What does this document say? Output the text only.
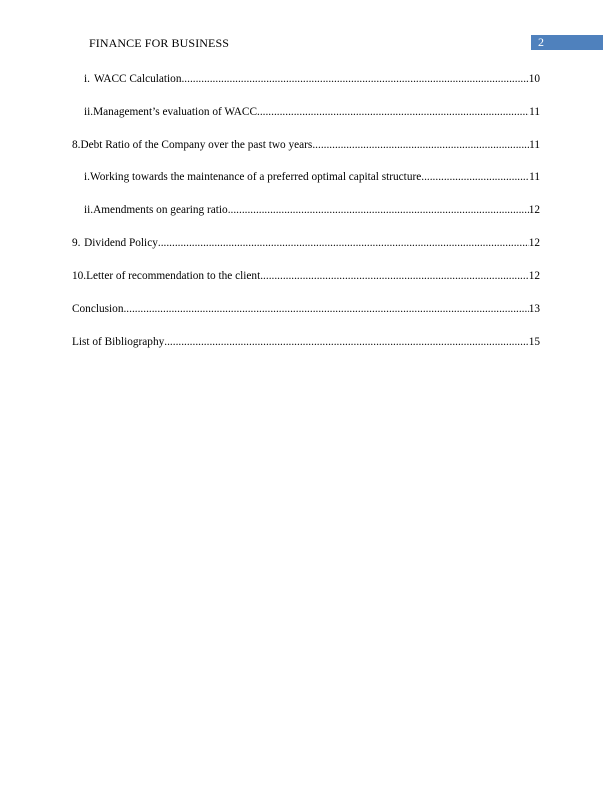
FINANCE FOR BUSINESS	2
i. WACC Calculation .....	10
ii. Management’s evaluation of WACC .....	11
8. Debt Ratio of the Company over the past two years .....	11
i. Working towards the maintenance of a preferred optimal capital structure .....	11
ii. Amendments on gearing ratio .....	12
9. Dividend Policy .....	12
10. Letter of recommendation to the client .....	12
Conclusion .....	13
List of Bibliography .....	15
